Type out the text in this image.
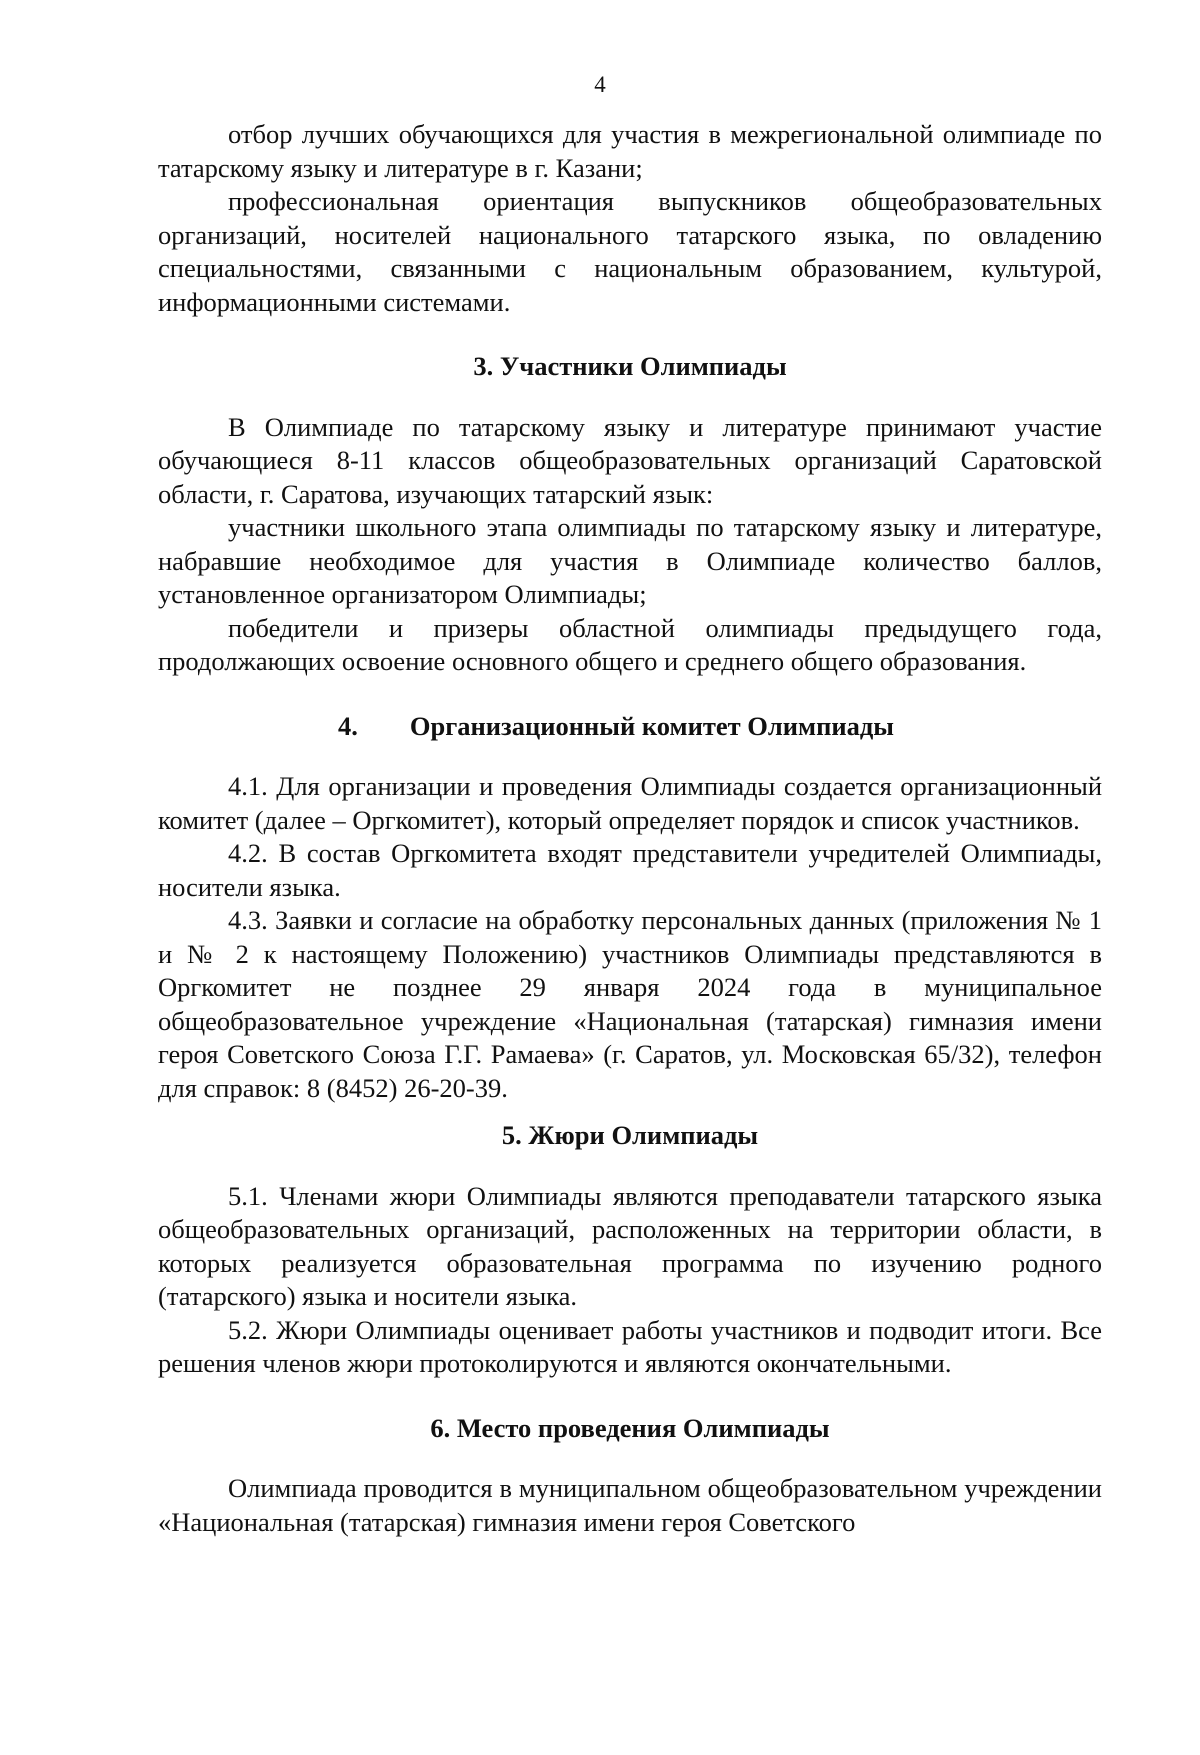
4

отбор лучших обучающихся для участия в межрегиональной олимпиаде по татарскому языку и литературе в г. Казани;

профессиональная ориентация выпускников общеобразовательных организаций, носителей национального татарского языка, по овладению специальностями, связанными с национальным образованием, культурой, информационными системами.

3. Участники Олимпиады

В Олимпиаде по татарскому языку и литературе принимают участие обучающиеся 8-11 классов общеобразовательных организаций Саратовской области, г. Саратова, изучающих татарский язык:

участники школьного этапа олимпиады по татарскому языку и литературе, набравшие необходимое для участия в Олимпиаде количество баллов, установленное организатором Олимпиады;

победители и призеры областной олимпиады предыдущего года, продолжающих освоение основного общего и среднего общего образования.

4. Организационный комитет Олимпиады

4.1. Для организации и проведения Олимпиады создается организационный комитет (далее – Оргкомитет), который определяет порядок и список участников.

4.2. В состав Оргкомитета входят представители учредителей Олимпиады, носители языка.

4.3. Заявки и согласие на обработку персональных данных (приложения № 1 и № 2 к настоящему Положению) участников Олимпиады представляются в Оргкомитет не позднее 29 января 2024 года в муниципальное общеобразовательное учреждение «Национальная (татарская) гимназия имени героя Советского Союза Г.Г. Рамаева» (г. Саратов, ул. Московская 65/32), телефон для справок: 8 (8452) 26-20-39.

5. Жюри Олимпиады

5.1. Членами жюри Олимпиады являются преподаватели татарского языка общеобразовательных организаций, расположенных на территории области, в которых реализуется образовательная программа по изучению родного (татарского) языка и носители языка.

5.2. Жюри Олимпиады оценивает работы участников и подводит итоги. Все решения членов жюри протоколируются и являются окончательными.

6. Место проведения Олимпиады

Олимпиада проводится в муниципальном общеобразовательном учреждении «Национальная (татарская) гимназия имени героя Советского
